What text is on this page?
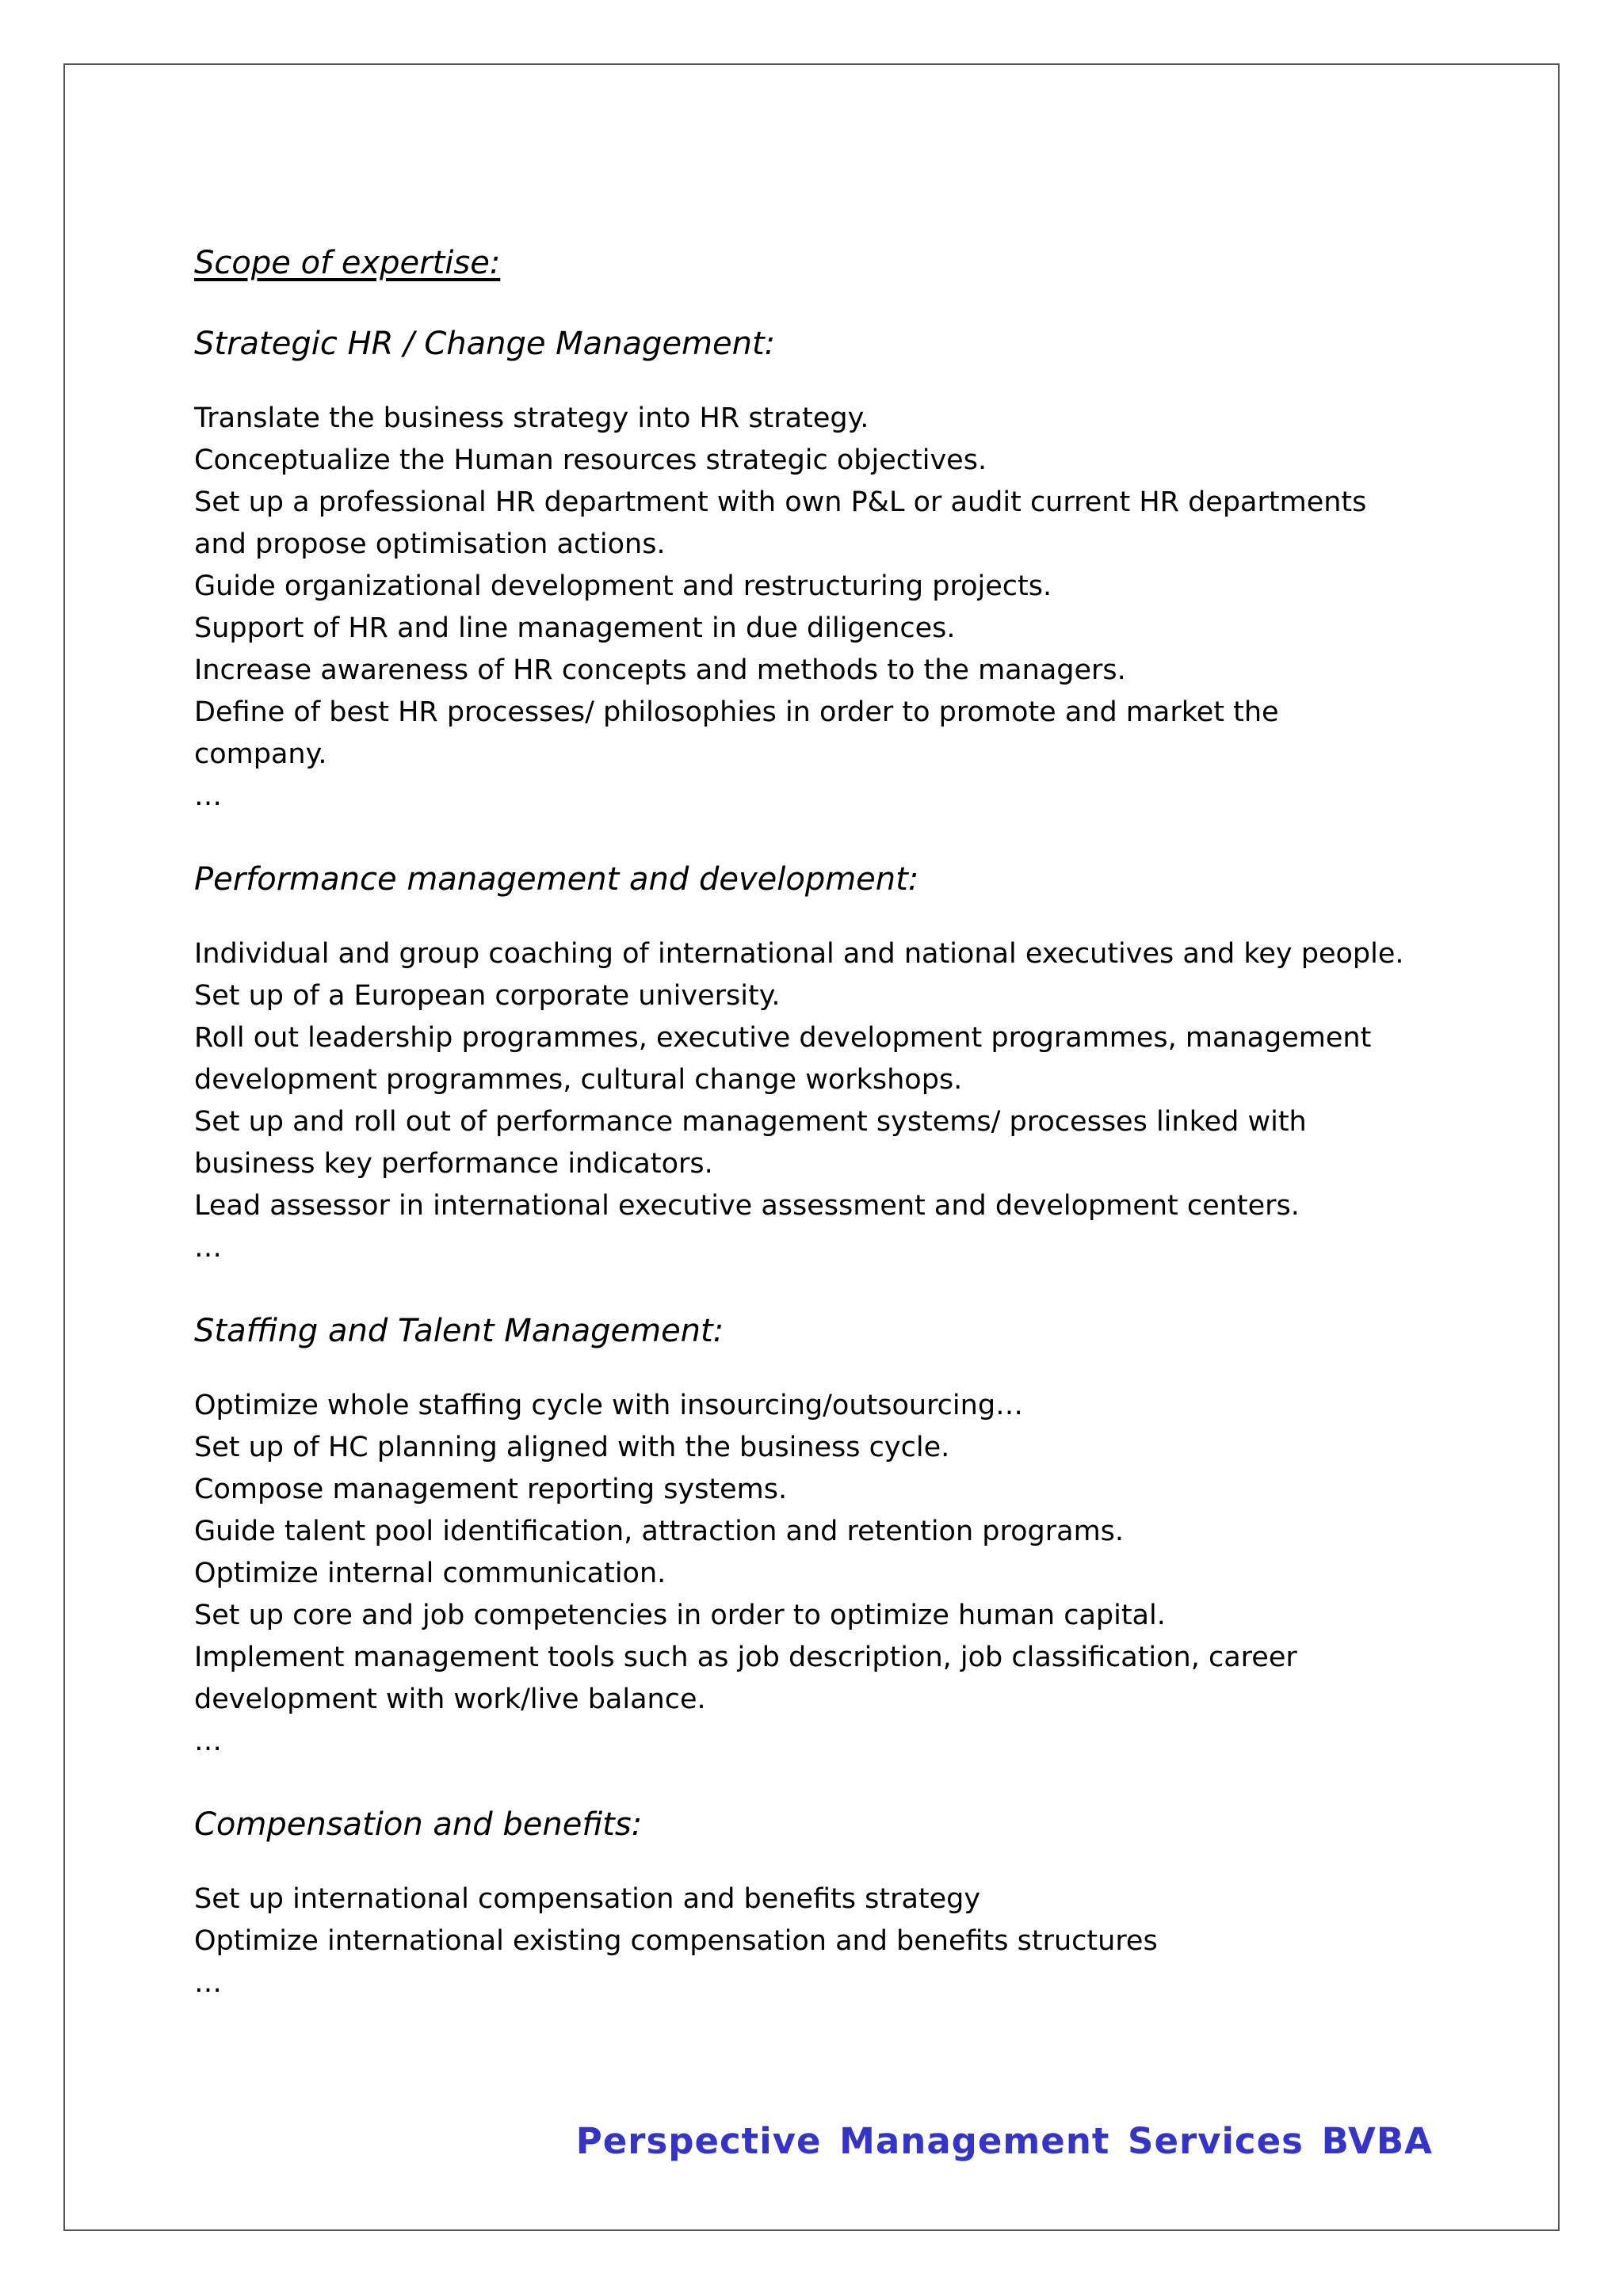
Scope of expertise:
Strategic HR / Change Management:

Translate the business strategy into HR strategy.

Conceptualize the Human resources strategic objectives.

Set up a professional HR department with own P&L or audit current HR departments

and propose optimisation actions.

Guide organizational development and restructuring projects.

Support of HR and line management in due diligences.

Increase awareness of HR concepts and methods to the managers.

Define of best HR processes/ philosophies in order to promote and market the

company.

…

Performance management and development:

Individual and group coaching of international and national executives and key people.

Set up of a European corporate university.

Roll out leadership programmes, executive development programmes, management

development programmes, cultural change workshops.

Set up and roll out of performance management systems/ processes linked with

business key performance indicators.

Lead assessor in international executive assessment and development centers.

…

Staffing and Talent Management:

Optimize whole staffing cycle with insourcing/outsourcing…

Set up of HC planning aligned with the business cycle.

Compose management reporting systems.

Guide talent pool identification, attraction and retention programs.

Optimize internal communication.

Set up core and job competencies in order to optimize human capital.

Implement management tools such as job description, job classification, career

development with work/live balance.

…

Compensation and benefits:

Set up international compensation and benefits strategy

Optimize international existing compensation and benefits structures

…

Perspective Management Services BVBA
